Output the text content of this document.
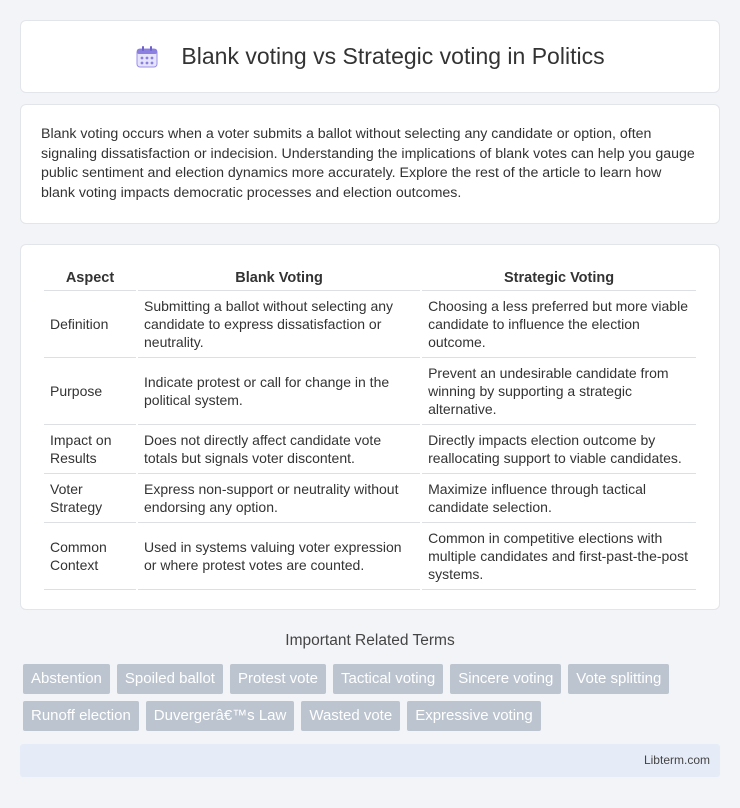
Blank voting vs Strategic voting in Politics

Blank voting occurs when a voter submits a ballot without selecting any candidate or option, often signaling dissatisfaction or indecision. Understanding the implications of blank votes can help you gauge public sentiment and election dynamics more accurately. Explore the rest of the article to learn how blank voting impacts democratic processes and election outcomes.

Aspect	Blank Voting	Strategic Voting
Definition	Submitting a ballot without selecting any candidate to express dissatisfaction or neutrality.	Choosing a less preferred but more viable candidate to influence the election outcome.
Purpose	Indicate protest or call for change in the political system.	Prevent an undesirable candidate from winning by supporting a strategic alternative.
Impact on Results	Does not directly affect candidate vote totals but signals voter discontent.	Directly impacts election outcome by reallocating support to viable candidates.
Voter Strategy	Express non-support or neutrality without endorsing any option.	Maximize influence through tactical candidate selection.
Common Context	Used in systems valuing voter expression or where protest votes are counted.	Common in competitive elections with multiple candidates and first-past-the-post systems.
Important Related Terms
Abstention	Spoiled ballot	Protest vote	Tactical voting	Sincere voting	Vote splitting
Runoff election	Duvergerâ€™s Law	Wasted vote	Expressive voting
Libterm.com
